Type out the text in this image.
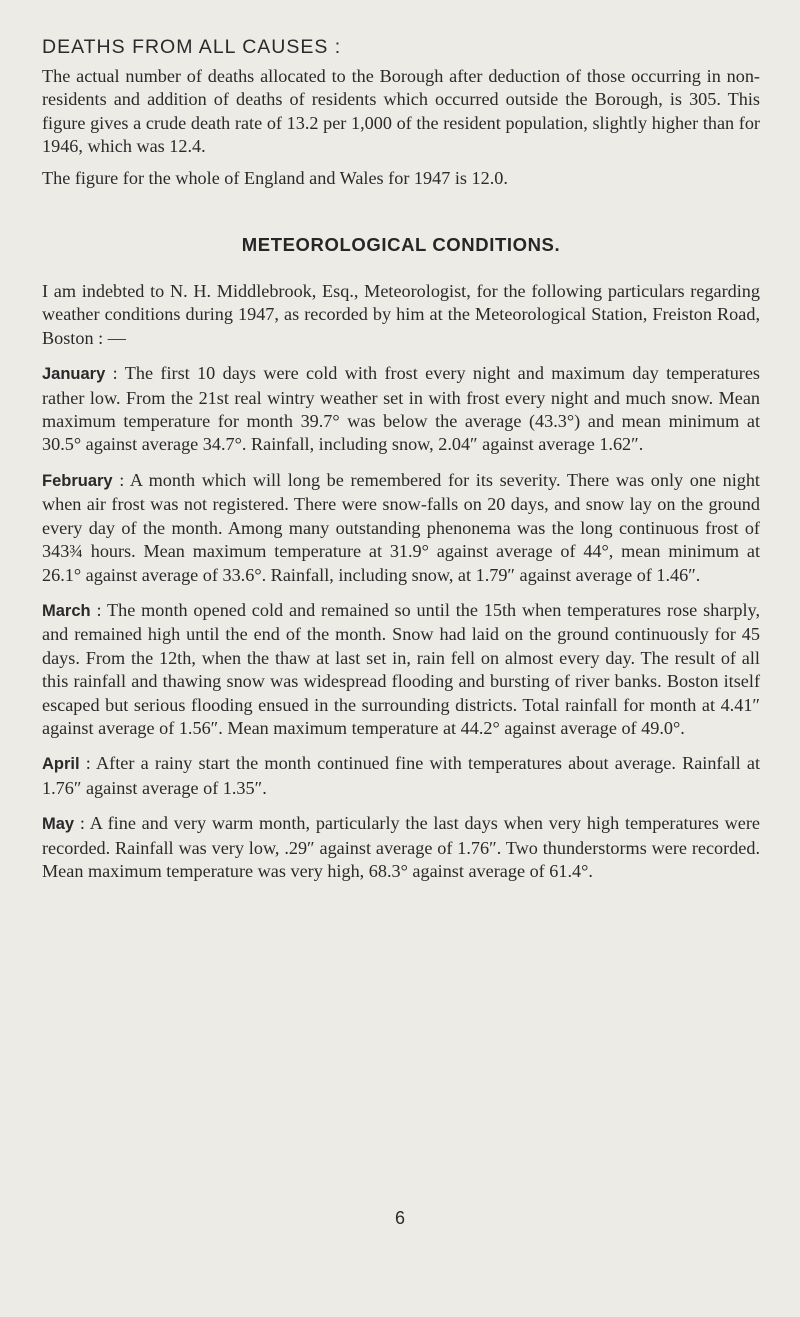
DEATHS FROM ALL CAUSES :

The actual number of deaths allocated to the Borough after deduction of those occurring in non-residents and addition of deaths of residents which occurred outside the Borough, is 305. This figure gives a crude death rate of 13.2 per 1,000 of the resident population, slightly higher than for 1946, which was 12.4.

The figure for the whole of England and Wales for 1947 is 12.0.

METEOROLOGICAL CONDITIONS.

I am indebted to N. H. Middlebrook, Esq., Meteorologist, for the following particulars regarding weather conditions during 1947, as recorded by him at the Meteorological Station, Freiston Road, Boston : —

January : The first 10 days were cold with frost every night and maximum day temperatures rather low. From the 21st real wintry weather set in with frost every night and much snow. Mean maximum temperature for month 39.7° was below the average (43.3°) and mean minimum at 30.5° against average 34.7°. Rainfall, including snow, 2.04″ against average 1.62″.

February : A month which will long be remembered for its severity. There was only one night when air frost was not registered. There were snow-falls on 20 days, and snow lay on the ground every day of the month. Among many outstanding phenonema was the long continuous frost of 343¾ hours. Mean maximum temperature at 31.9° against average of 44°, mean minimum at 26.1° against average of 33.6°. Rainfall, including snow, at 1.79″ against average of 1.46″.

March : The month opened cold and remained so until the 15th when temperatures rose sharply, and remained high until the end of the month. Snow had laid on the ground continuously for 45 days. From the 12th, when the thaw at last set in, rain fell on almost every day. The result of all this rainfall and thawing snow was widespread flooding and bursting of river banks. Boston itself escaped but serious flooding ensued in the surrounding districts. Total rainfall for month at 4.41″ against average of 1.56″. Mean maximum temperature at 44.2° against average of 49.0°.

April : After a rainy start the month continued fine with temperatures about average. Rainfall at 1.76″ against average of 1.35″.

May : A fine and very warm month, particularly the last days when very high temperatures were recorded. Rainfall was very low, .29″ against average of 1.76″. Two thunderstorms were recorded. Mean maximum temperature was very high, 68.3° against average of 61.4°.

6
